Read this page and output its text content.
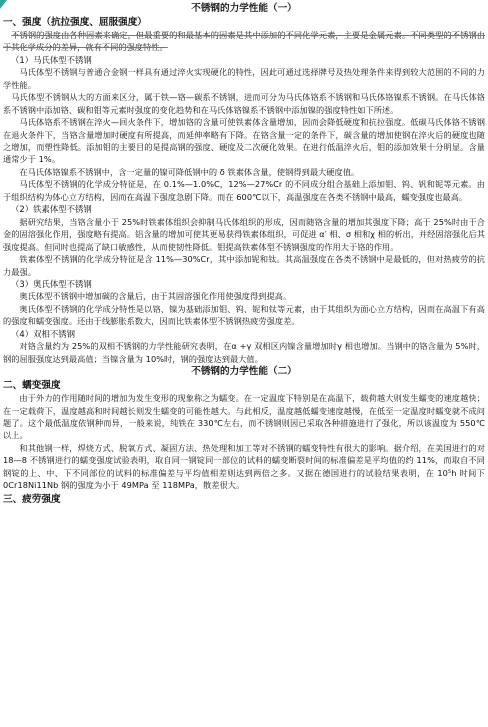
不锈钢的力学性能（一）
一、强度（抗拉强度、屈服强度）
不锈钢的强度由各种因素来确定，但最重要的和最基本的因素是其中添加的不同化学元素，主要是金属元素。不同类型的不锈钢由于其化学成分的差异，就有不同的强度特性。
（1）马氏体型不锈钢
马氏体型不锈钢与普通合金钢一样具有通过淬火实现硬化的特性，因此可通过选择牌号及热处理条件来得到较大范围的不同的力学性能。
马氏体型不锈钢从大的方面来区分，属于铁—铬—碳系不锈钢，进而可分为马氏体铬系不锈钢和马氏体铬镍系不锈钢。在马氏体铬系不锈钢中添加铬、碳和钼等元素时强度的变化趋势和在马氏体铬镍系不锈钢中添加镍的强度特性如下所述。
马氏体铬系不锈钢在淬火—回火条件下，增加铬的含量可使铁素体含量增加，因而会降低硬度和抗拉强度。低碳马氏体铬不锈钢在退火条件下，当铬含量增加时硬度有所提高，而延伸率略有下降。在铬含量一定的条件下，碳含量的增加使钢在淬火后的硬度也随之增加，而塑性降低。添加钼的主要目的是提高钢的强度、硬度及二次硬化效果。在进行低温淬火后，钼的添加效果十分明显。含量通常少于 1%。
在马氏体铬镍系不锈钢中，含一定量的镍可降低钢中的 δ 铁素体含量，使钢得到最大硬度值。
马氏体型不锈钢的化学成分特征是，在 0.1%—1.0%C，12%—27%Cr 的不同成分组合基础上添加钼、钨、钒和铌等元素。由于组织结构为体心立方结构，因而在高温下强度急剧下降。而在 600℃以下，高温强度在各类不锈钢中最高，蠕变强度也最高。
（2）铁素体型不锈钢
据研究结果，当铬含量小于 25%时铁素体组织会抑制马氏体组织的形成，因而随铬含量的增加其强度下降；高于 25%时由于合金的固溶强化作用，强度略有提高。铝含量的增加可使其更易获得铁素体组织，可促进 α′ 相、σ 相和χ 相的析出，并经固溶强化后其强度提高。但同时也提高了缺口敏感性，从而使韧性降低。钼提高铁素体型不锈钢强度的作用大于铬的作用。
铁素体型不锈钢的化学成分特征是含 11%—30%Cr，其中添加铌和钛。其高温强度在各类不锈钢中是最低的，但对热疲劳的抗力最强。
（3）奥氏体型不锈钢
奥氏体型不锈钢中增加碳的含量后，由于其固溶强化作用使强度得到提高。
奥氏体型不锈钢的化学成分特性是以铬、镍为基础添加钼、钨、铌和钛等元素，由于其组织为面心立方结构，因而在高温下有高的强度和蠕变强度。还由于线膨胀系数大，因而比铁素体型不锈钢热疲劳强度差。
（4）双相不锈钢
对铬含量约为 25%的双相不锈钢的力学性能研究表明，在α +γ 双相区内镍含量增加时γ 相也增加。当钢中的铬含量为 5%时，钢的屈服强度达到最高值；当镍含量为 10%时，钢的强度达到最大值。
不锈钢的力学性能（二）
二、蠕变强度
由于外力的作用随时间的增加为发生变形的现象称之为蠕变。在一定温度下特别是在高温下，载荷越大则发生蠕变的速度越快；在一定载荷下，温度越高和时间越长则发生蠕变的可能性越大。与此相反，温度越低蠕变速度越慢，在低至一定温度时蠕变就不成问题了。这个最低温度依钢种而异，一般来说，纯铁在 330℃左右，而不锈钢则因已采取各种措施进行了强化，所以该温度为 550℃以上。
和其他钢一样，焊烧方式、脱氧方式、凝固方法、热处理和加工等对不锈钢的蠕变特性有很大的影响。据介绍，在美国进行的对 18—8 不锈钢进行的蠕变强度试验表明，取自同一钢锭同一部位的试料的蠕变断裂时间的标准偏差是平均值的约 11%，而取自不同钢锭的上、中、下不同部位的试料的标准偏差与平均值相差则达到两倍之多。又据在德国进行的试验结果表明，在 10⁵h 时间下 0Cr18Ni11Nb 钢的强度为小于 49MPa 至 118MPa，散差很大。
三、疲劳强度
